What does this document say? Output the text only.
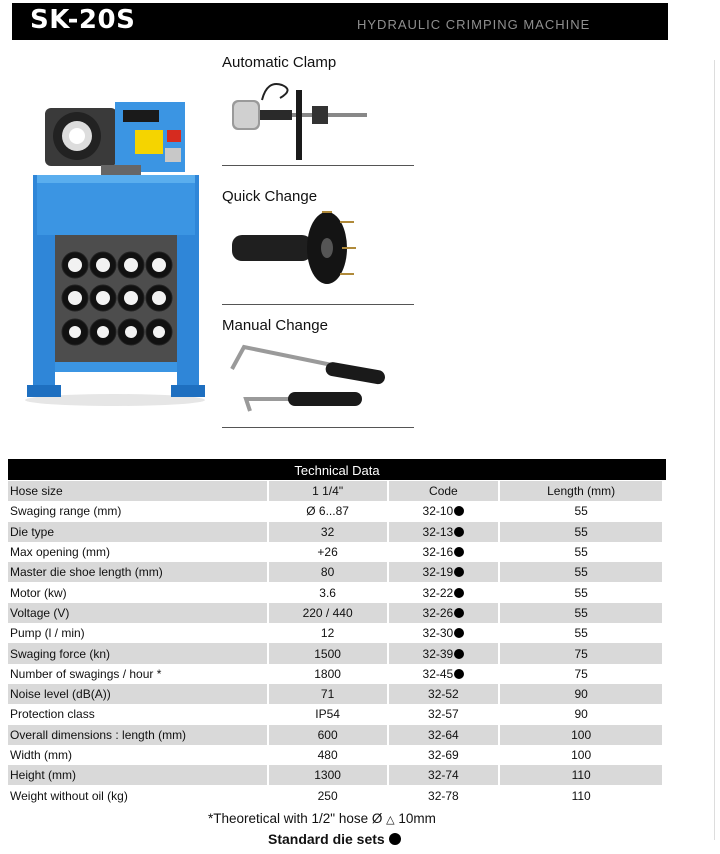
SK-20S	HYDRAULIC CRIMPING MACHINE
Automatic Clamp
Quick Change
Manual Change
Technical Data
Hose size	1 1/4"	Code	Length (mm)
Swaging range (mm)	Ø 6...87	32-10	55
Die type	32	32-13	55
Max opening (mm)	+26	32-16	55
Master die shoe length (mm)	80	32-19	55
Motor (kw)	3.6	32-22	55
Voltage (V)	220 / 440	32-26	55
Pump (l / min)	12	32-30	55
Swaging force (kn)	1500	32-39	75
Number of swagings / hour *	1800	32-45	75
Noise level (dB(A))	71	32-52	90
Protection class	IP54	32-57	90
Overall dimensions : length (mm)	600	32-64	100
Width (mm)	480	32-69	100
Height (mm)	1300	32-74	110
Weight without oil (kg)	250	32-78	110
*Theoretical with 1/2" hose Ø △ 10mm
Standard die sets
